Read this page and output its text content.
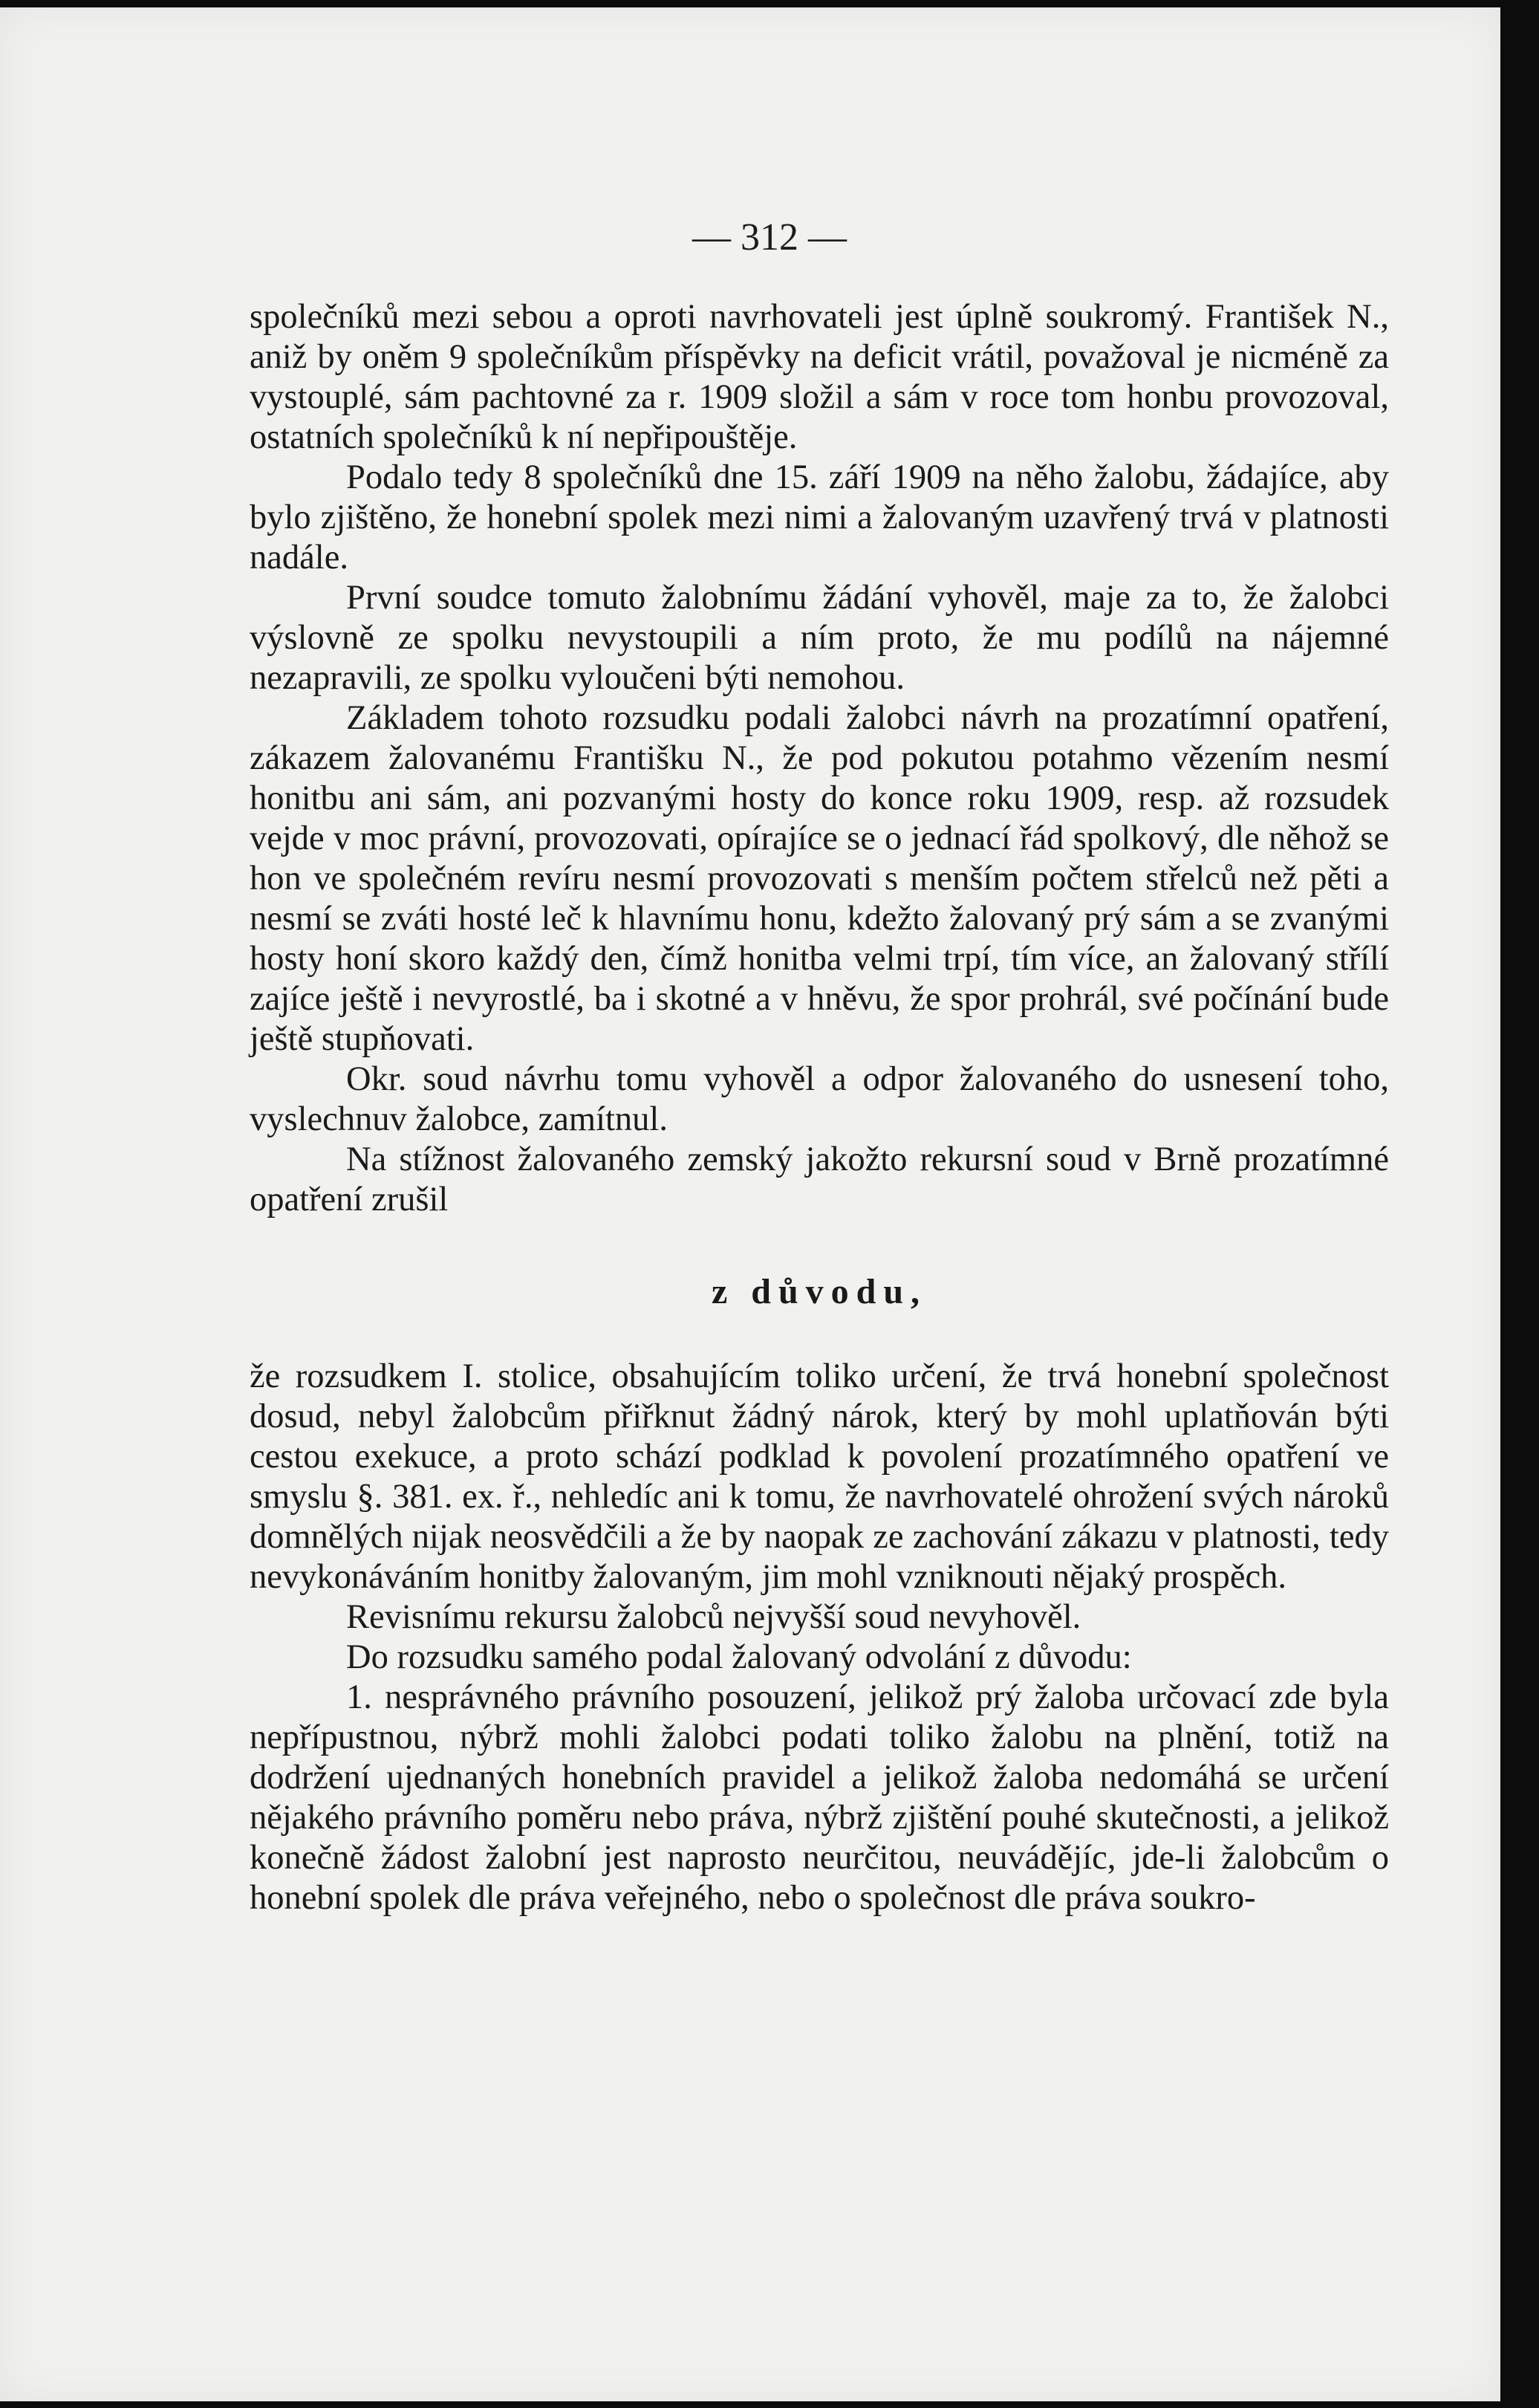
— 312 —

společníků mezi sebou a oproti navrhovateli jest úplně soukromý. František N., aniž by oněm 9 společníkům příspěvky na deficit vrátil, považoval je nicméně za vystouplé, sám pachtovné za r. 1909 složil a sám v roce tom honbu provozoval, ostatních společníků k ní nepřipouštěje.

Podalo tedy 8 společníků dne 15. září 1909 na něho žalobu, žádajíce, aby bylo zjištěno, že honební spolek mezi nimi a žalovaným uzavřený trvá v platnosti nadále.

První soudce tomuto žalobnímu žádání vyhověl, maje za to, že žalobci výslovně ze spolku nevystoupili a ním proto, že mu podílů na nájemné nezapravili, ze spolku vyloučeni býti nemohou.

Základem tohoto rozsudku podali žalobci návrh na prozatímní opatření, zákazem žalovanému Františku N., že pod pokutou potahmo vězením nesmí honitbu ani sám, ani pozvanými hosty do konce roku 1909, resp. až rozsudek vejde v moc právní, provozovati, opírajíce se o jednací řád spolkový, dle něhož se hon ve společném revíru nesmí provozovati s menším počtem střelců než pěti a nesmí se zváti hosté leč k hlavnímu honu, kdežto žalovaný prý sám a se zvanými hosty honí skoro každý den, čímž honitba velmi trpí, tím více, an žalovaný střílí zajíce ještě i nevyrostlé, ba i skotné a v hněvu, že spor prohrál, své počínání bude ještě stupňovati.

Okr. soud návrhu tomu vyhověl a odpor žalovaného do usnesení toho, vyslechnuv žalobce, zamítnul.

Na stížnost žalovaného zemský jakožto rekursní soud v Brně prozatímné opatření zrušil

z důvodu,

že rozsudkem I. stolice, obsahujícím toliko určení, že trvá honební společnost dosud, nebyl žalobcům přiřknut žádný nárok, který by mohl uplatňován býti cestou exekuce, a proto schází podklad k povolení prozatímného opatření ve smyslu §. 381. ex. ř., nehledíc ani k tomu, že navrhovatelé ohrožení svých nároků domnělých nijak neosvědčili a že by naopak ze zachování zákazu v platnosti, tedy nevykonáváním honitby žalovaným, jim mohl vzniknouti nějaký prospěch.

Revisnímu rekursu žalobců nejvyšší soud nevyhověl.

Do rozsudku samého podal žalovaný odvolání z důvodu:

1. nesprávného právního posouzení, jelikož prý žaloba určovací zde byla nepřípustnou, nýbrž mohli žalobci podati toliko žalobu na plnění, totiž na dodržení ujednaných honebních pravidel a jelikož žaloba nedomáhá se určení nějakého právního poměru nebo práva, nýbrž zjištění pouhé skutečnosti, a jelikož konečně žádost žalobní jest naprosto neurčitou, neuvádějíc, jde-li žalobcům o honební spolek dle práva veřejného, nebo o společnost dle práva soukro-
